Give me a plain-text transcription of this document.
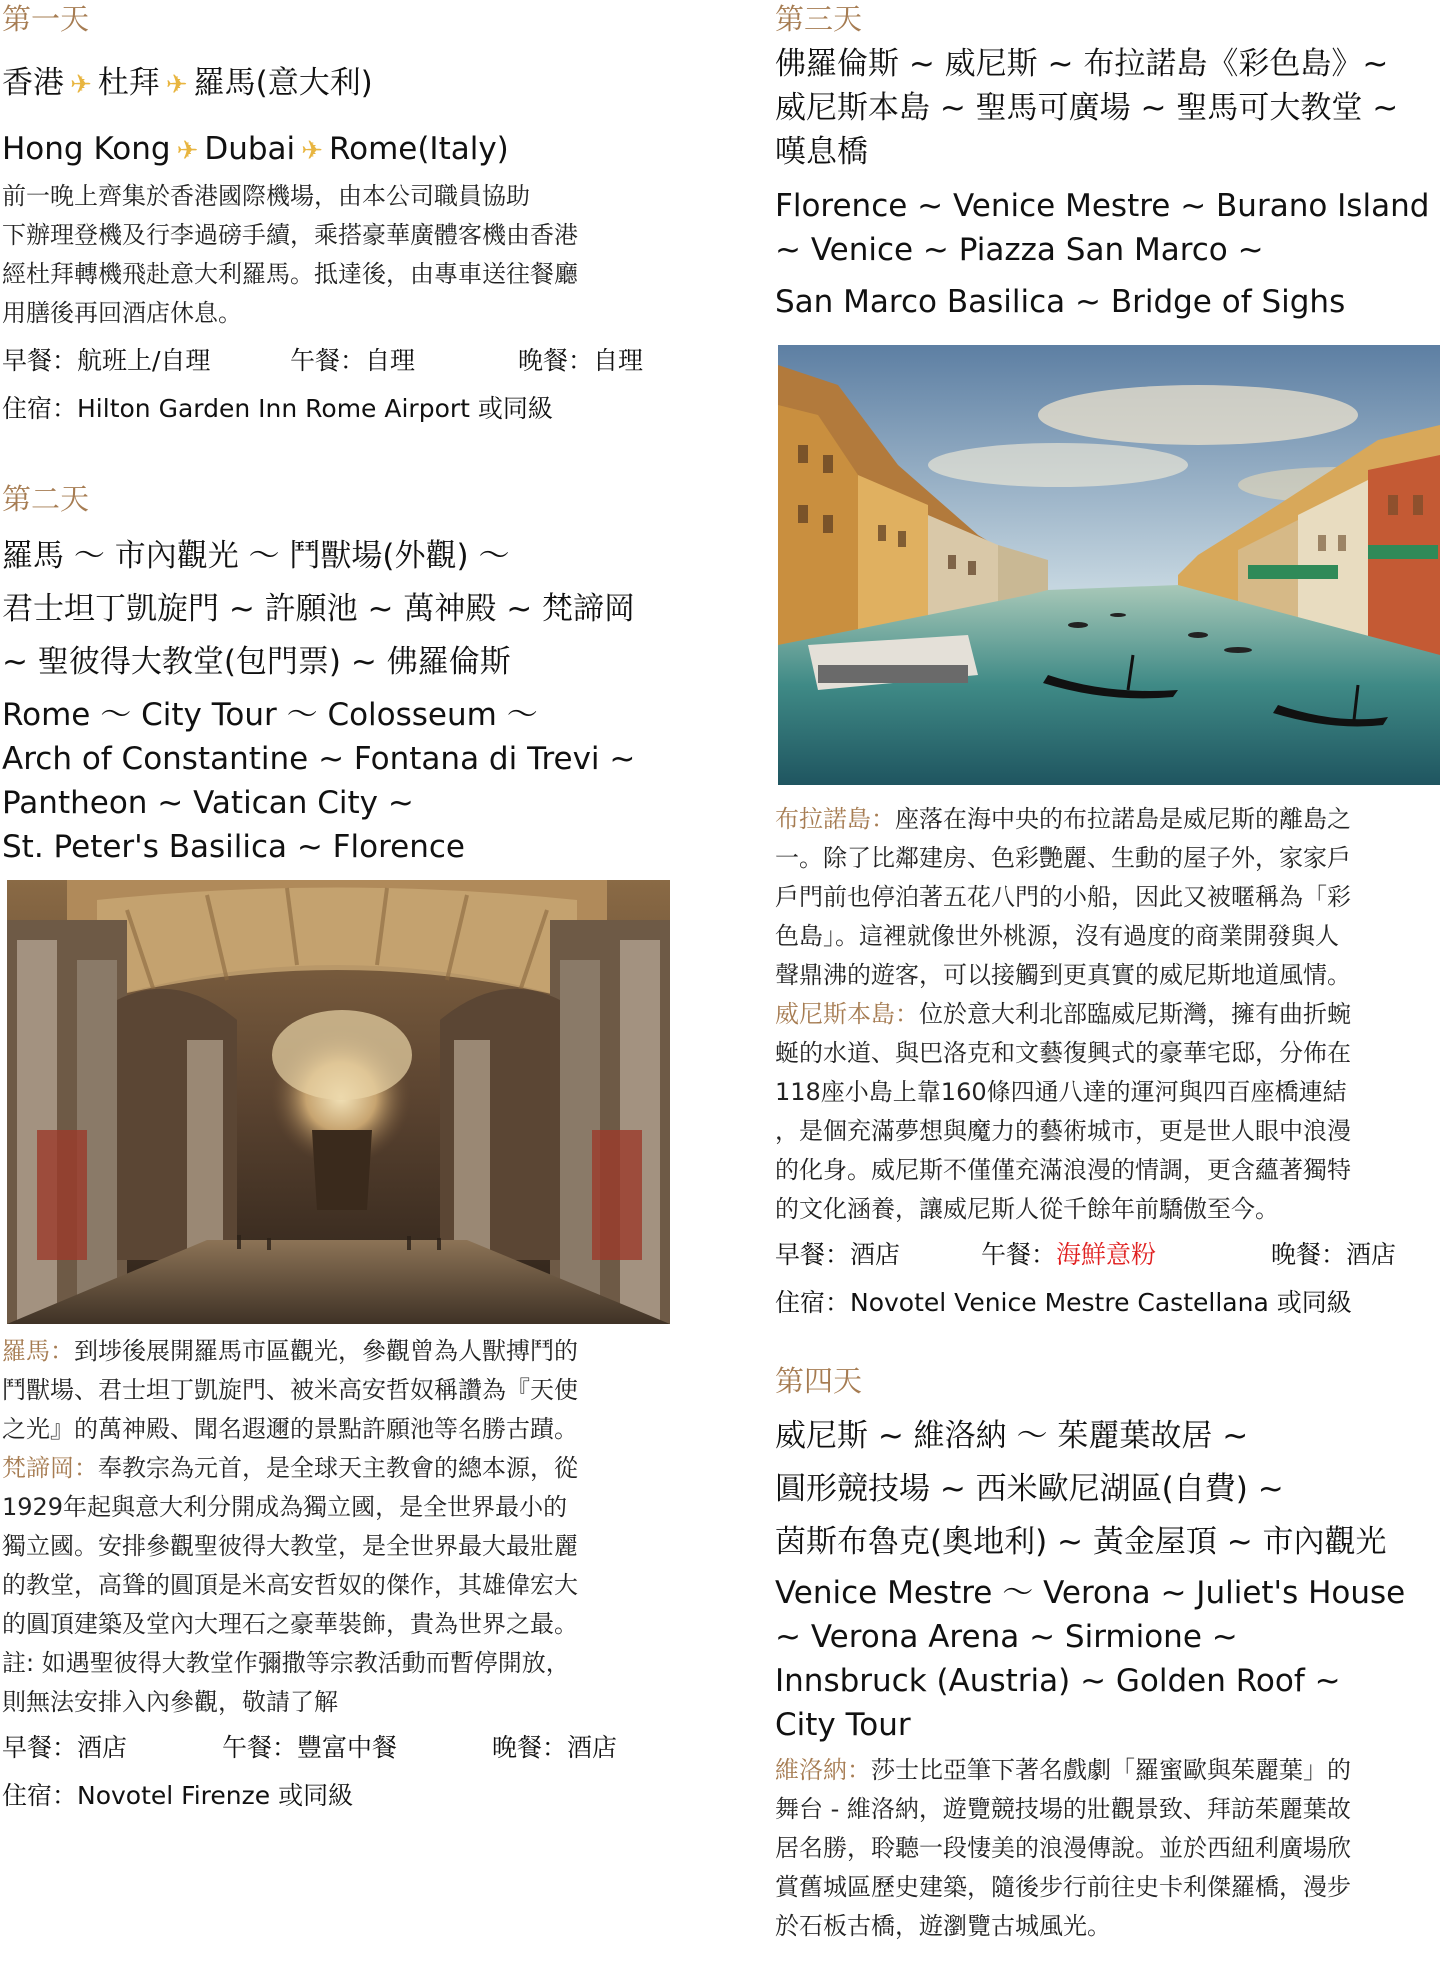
第一天

香港 ✈ 杜拜 ✈ 羅馬(意大利)

Hong Kong ✈ Dubai ✈ Rome(Italy)

前一晚上齊集於香港國際機場，由本公司職員協助

下辦理登機及行李過磅手續，乘搭豪華廣體客機由香港

經杜拜轉機飛赴意大利羅馬。抵達後，由專車送往餐廳

用膳後再回酒店休息。

早餐：航班上/自理	午餐：自理	晚餐：自理

住宿：Hilton Garden Inn Rome Airport 或同級

第二天

羅馬 ～ 市內觀光 ～ 鬥獸場(外觀) ～

君士坦丁凱旋門 ~ 許願池 ~ 萬神殿 ~ 梵諦岡

~ 聖彼得大教堂(包門票) ~ 佛羅倫斯

Rome ～ City Tour ～ Colosseum ～

Arch of Constantine ~ Fontana di Trevi ~

Pantheon ~ Vatican City ~

St. Peter's Basilica ~ Florence

羅馬：到埗後展開羅馬市區觀光，參觀曾為人獸搏鬥的

鬥獸場、君士坦丁凱旋門、被米高安哲奴稱讚為『天使

之光』的萬神殿、聞名遐邇的景點許願池等名勝古蹟。

梵諦岡：奉教宗為元首，是全球天主教會的總本源，從

1929年起與意大利分開成為獨立國，是全世界最小的

獨立國。安排參觀聖彼得大教堂，是全世界最大最壯麗

的教堂，高聳的圓頂是米高安哲奴的傑作，其雄偉宏大

的圓頂建築及堂內大理石之豪華裝飾，貴為世界之最。

註: 如遇聖彼得大教堂作彌撒等宗教活動而暫停開放，

則無法安排入內參觀，敬請了解

早餐：酒店	午餐：豐富中餐	晚餐：酒店

住宿：Novotel Firenze 或同級

第三天

佛羅倫斯 ~ 威尼斯 ~ 布拉諾島《彩色島》~

威尼斯本島 ~ 聖馬可廣場 ~ 聖馬可大教堂 ~

嘆息橋

Florence ~ Venice Mestre ~ Burano Island

~ Venice ~ Piazza San Marco ~

San Marco Basilica ~ Bridge of Sighs

布拉諾島：座落在海中央的布拉諾島是威尼斯的離島之

一。除了比鄰建房、色彩艷麗、生動的屋子外，家家戶

戶門前也停泊著五花八門的小船，因此又被暱稱為「彩

色島」。這裡就像世外桃源，沒有過度的商業開發與人

聲鼎沸的遊客，可以接觸到更真實的威尼斯地道風情。

威尼斯本島：位於意大利北部臨威尼斯灣，擁有曲折蜿

蜒的水道、與巴洛克和文藝復興式的豪華宅邸，分佈在

118座小島上靠160條四通八達的運河與四百座橋連結

，是個充滿夢想與魔力的藝術城市，更是世人眼中浪漫

的化身。威尼斯不僅僅充滿浪漫的情調，更含蘊著獨特

的文化涵養，讓威尼斯人從千餘年前驕傲至今。

早餐：酒店	午餐：海鮮意粉	晚餐：酒店

住宿：Novotel Venice Mestre Castellana 或同級

第四天

威尼斯 ~ 維洛納 ～ 茱麗葉故居 ~

圓形競技場 ~ 西米歐尼湖區(自費) ~

茵斯布魯克(奧地利) ~ 黃金屋頂 ~ 市內觀光

Venice Mestre ～ Verona ~ Juliet's House

~ Verona Arena ~ Sirmione ~

Innsbruck (Austria) ~ Golden Roof ~

City Tour

維洛納：莎士比亞筆下著名戲劇「羅蜜歐與茱麗葉」的

舞台 - 維洛納，遊覽競技場的壯觀景致、拜訪茱麗葉故

居名勝，聆聽一段悽美的浪漫傳說。並於西紐利廣場欣

賞舊城區歷史建築，隨後步行前往史卡利傑羅橋，漫步

於石板古橋，遊瀏覽古城風光。
